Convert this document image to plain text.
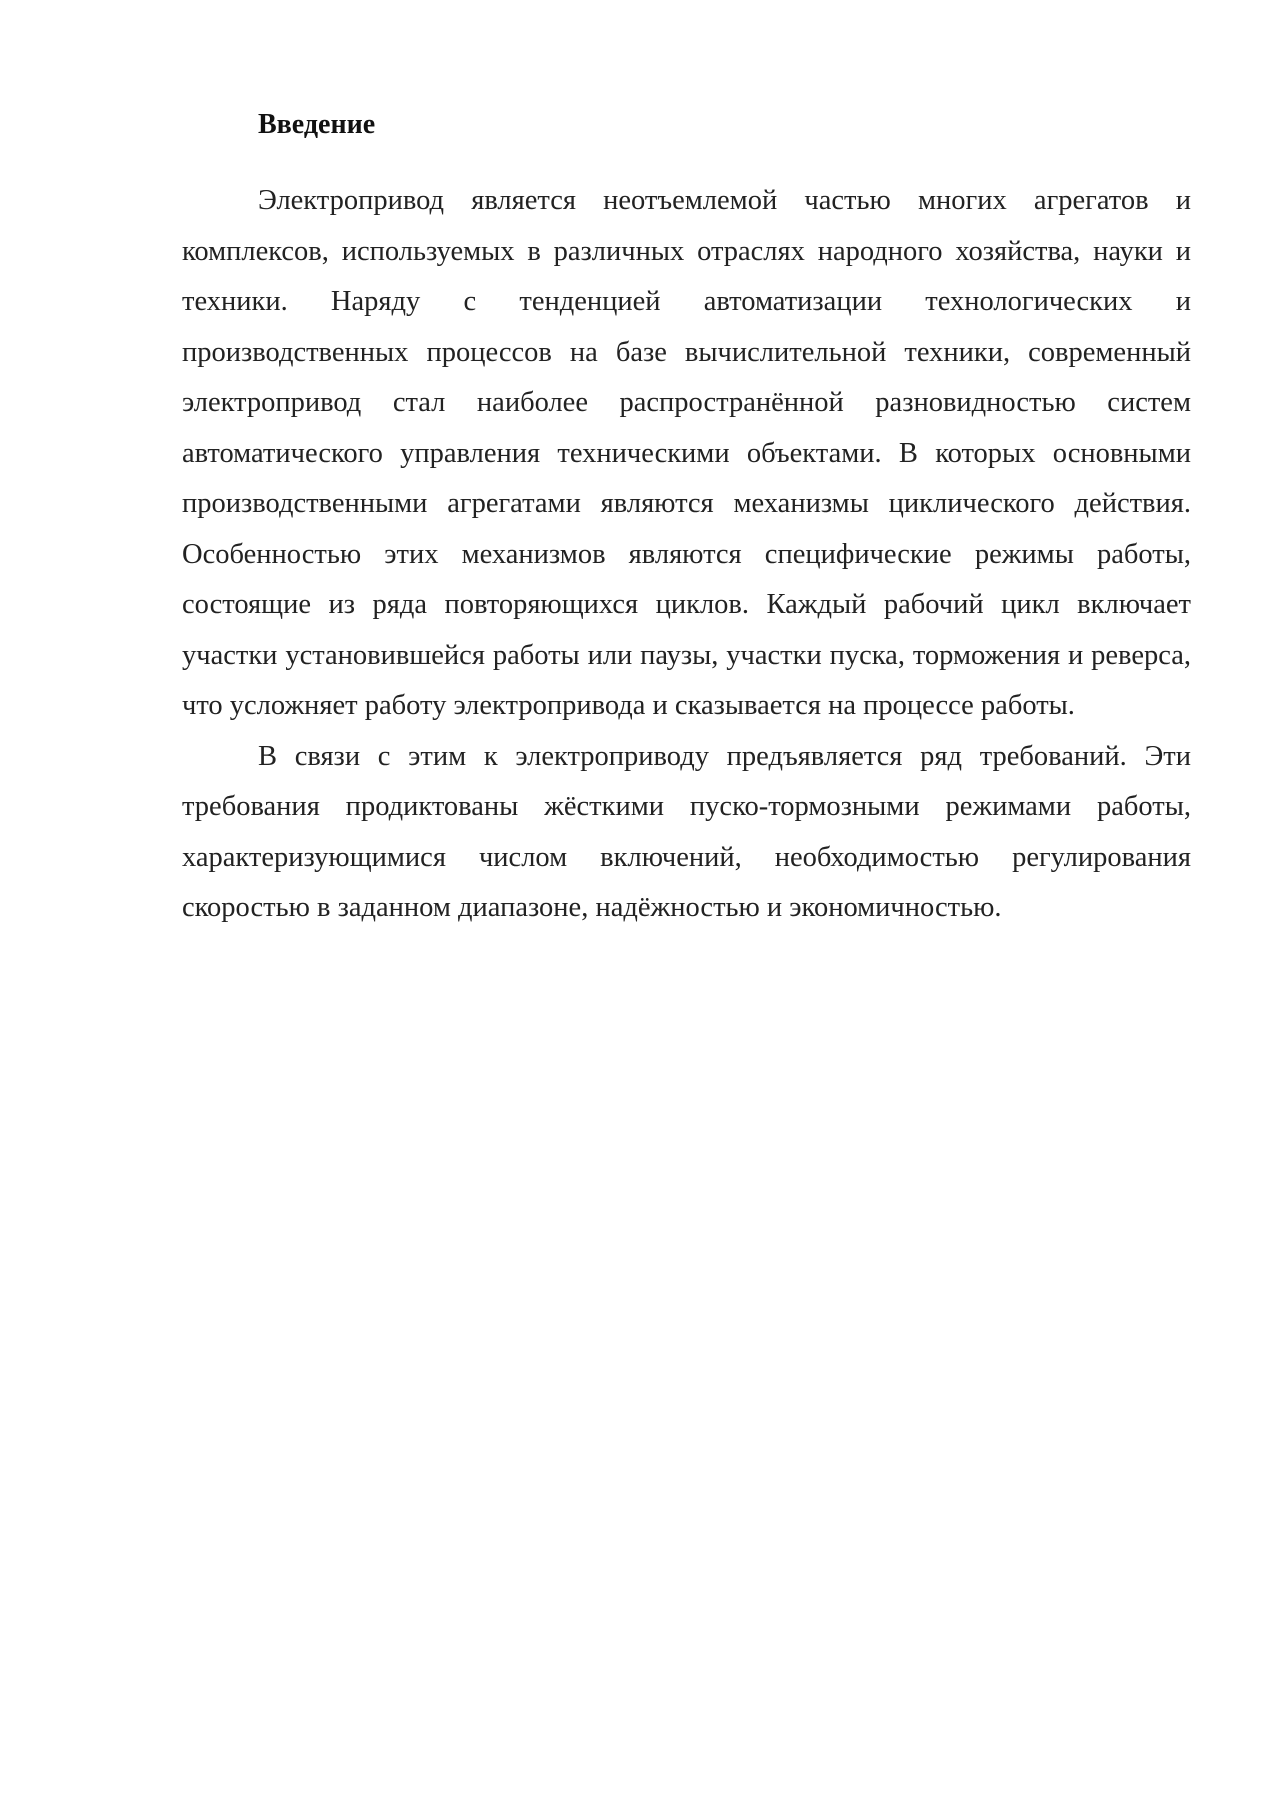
Введение

Электропривод является неотъемлемой частью многих агрегатов и комплексов, используемых в различных отраслях народного хозяйства, науки и техники. Наряду с тенденцией автоматизации технологических и производственных процессов на базе вычислительной техники, современный электропривод стал наиболее распространённой разновидностью систем автоматического управления техническими объектами. В которых основными производственными агрегатами являются механизмы циклического действия. Особенностью этих механизмов являются специфические режимы работы, состоящие из ряда повторяющихся циклов. Каждый рабочий цикл включает участки установившейся работы или паузы, участки пуска, торможения и реверса, что усложняет работу электропривода и сказывается на процессе работы.

В связи с этим к электроприводу предъявляется ряд требований. Эти требования продиктованы жёсткими пуско-тормозными режимами работы, характеризующимися числом включений, необходимостью регулирования скоростью в заданном диапазоне, надёжностью и экономичностью.
